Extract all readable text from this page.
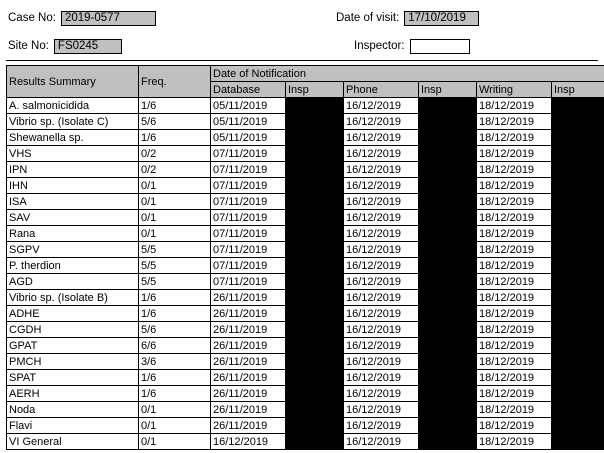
Case No: 2019-0577	Date of visit: 17/10/2019
Site No: FS0245	Inspector:
Results Summary	Freq.	Date of Notification					
		Database	Insp	Phone	Insp	Writing	Insp
A. salmonicidida	1/6	05/11/2019		16/12/2019		18/12/2019	
Vibrio sp. (Isolate C)	5/6	05/11/2019		16/12/2019		18/12/2019	
Shewanella sp.	1/6	05/11/2019		16/12/2019		18/12/2019	
VHS	0/2	07/11/2019		16/12/2019		18/12/2019	
IPN	0/2	07/11/2019		16/12/2019		18/12/2019	
IHN	0/1	07/11/2019		16/12/2019		18/12/2019	
ISA	0/1	07/11/2019		16/12/2019		18/12/2019	
SAV	0/1	07/11/2019		16/12/2019		18/12/2019	
Rana	0/1	07/11/2019		16/12/2019		18/12/2019	
SGPV	5/5	07/11/2019		16/12/2019		18/12/2019	
P. therdion	5/5	07/11/2019		16/12/2019		18/12/2019	
AGD	5/5	07/11/2019		16/12/2019		18/12/2019	
Vibrio sp. (Isolate B)	1/6	26/11/2019		16/12/2019		18/12/2019	
ADHE	1/6	26/11/2019		16/12/2019		18/12/2019	
CGDH	5/6	26/11/2019		16/12/2019		18/12/2019	
GPAT	6/6	26/11/2019		16/12/2019		18/12/2019	
PMCH	3/6	26/11/2019		16/12/2019		18/12/2019	
SPAT	1/6	26/11/2019		16/12/2019		18/12/2019	
AERH	1/6	26/11/2019		16/12/2019		18/12/2019	
Noda	0/1	26/11/2019		16/12/2019		18/12/2019	
Flavi	0/1	26/11/2019		16/12/2019		18/12/2019	
VI General	0/1	16/12/2019		16/12/2019		18/12/2019	
